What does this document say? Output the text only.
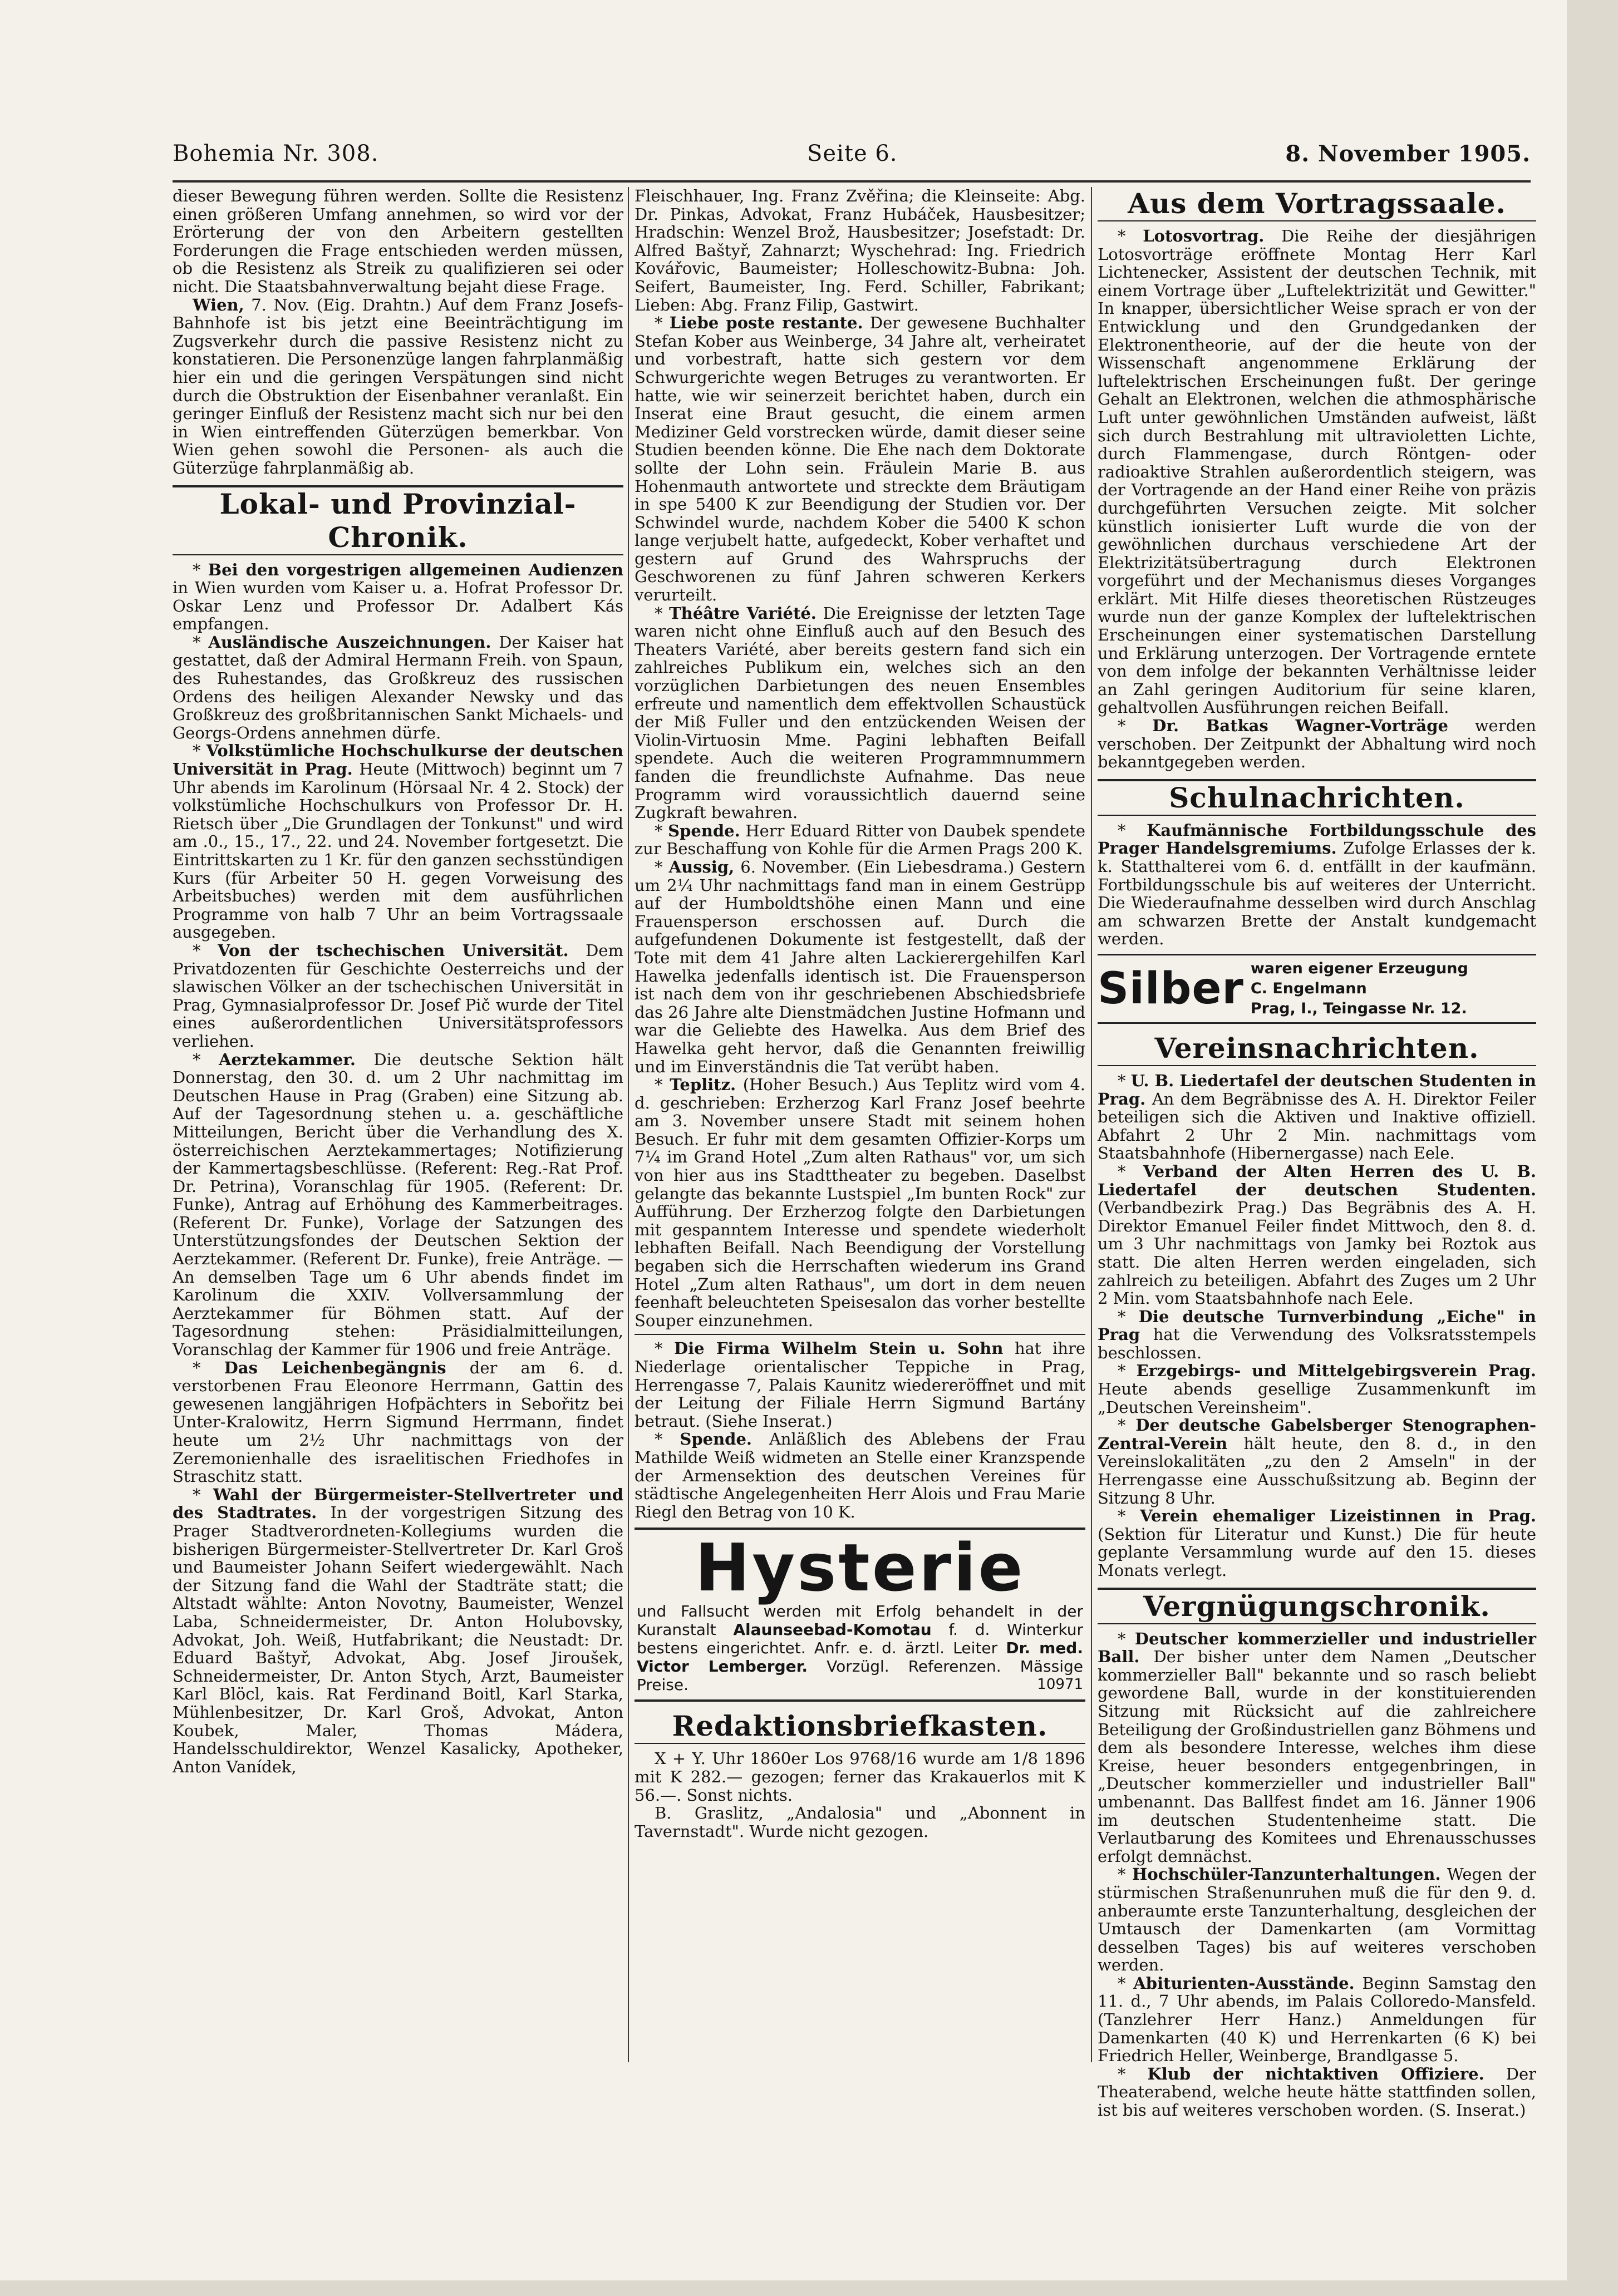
Bohemia Nr. 308.	Seite 6.	8. November 1905.

dieser Bewegung führen werden. Sollte die Resistenz einen größeren Umfang annehmen, so wird vor der Erörterung der von den Arbeitern gestellten Forderungen die Frage entschieden werden müssen, ob die Resistenz als Streik zu qualifizieren sei oder nicht. Die Staatsbahnverwaltung bejaht diese Frage.

Wien, 7. Nov. (Eig. Drahtn.) Auf dem Franz Josefs-Bahnhofe ist bis jetzt eine Beeinträchtigung im Zugsverkehr durch die passive Resistenz nicht zu konstatieren. Die Personenzüge langen fahrplanmäßig hier ein und die geringen Verspätungen sind nicht durch die Obstruktion der Eisenbahner veranlaßt. Ein geringer Einfluß der Resistenz macht sich nur bei den in Wien eintreffenden Güterzügen bemerkbar. Von Wien gehen sowohl die Personen- als auch die Güterzüge fahrplanmäßig ab.

Lokal- und Provinzial-Chronik.

* Bei den vorgestrigen allgemeinen Audienzen in Wien wurden vom Kaiser u. a. Hofrat Professor Dr. Oskar Lenz und Professor Dr. Adalbert Kás empfangen.

* Ausländische Auszeichnungen. Der Kaiser hat gestattet, daß der Admiral Hermann Freih. von Spaun, des Ruhestandes, das Großkreuz des russischen Ordens des heiligen Alexander Newsky und das Großkreuz des großbritannischen Sankt Michaels- und Georgs-Ordens annehmen dürfe.

* Volkstümliche Hochschulkurse der deutschen Universität in Prag. Heute (Mittwoch) beginnt um 7 Uhr abends im Karolinum (Hörsaal Nr. 4 2. Stock) der volkstümliche Hochschulkurs von Professor Dr. H. Rietsch über „Die Grundlagen der Tonkunst" und wird am .0., 15., 17., 22. und 24. November fortgesetzt. Die Eintrittskarten zu 1 Kr. für den ganzen sechsstündigen Kurs (für Arbeiter 50 H. gegen Vorweisung des Arbeitsbuches) werden mit dem ausführlichen Programme von halb 7 Uhr an beim Vortragssaale ausgegeben.

* Von der tschechischen Universität. Dem Privatdozenten für Geschichte Oesterreichs und der slawischen Völker an der tschechischen Universität in Prag, Gymnasialprofessor Dr. Josef Pič wurde der Titel eines außerordentlichen Universitätsprofessors verliehen.

* Aerztekammer. Die deutsche Sektion hält Donnerstag, den 30. d. um 2 Uhr nachmittag im Deutschen Hause in Prag (Graben) eine Sitzung ab. Auf der Tagesordnung stehen u. a. geschäftliche Mitteilungen, Bericht über die Verhandlung des X. österreichischen Aerztekammertages; Notifizierung der Kammertagsbeschlüsse. (Referent: Reg.-Rat Prof. Dr. Petrina), Voranschlag für 1905. (Referent: Dr. Funke), Antrag auf Erhöhung des Kammerbeitrages. (Referent Dr. Funke), Vorlage der Satzungen des Unterstützungsfondes der Deutschen Sektion der Aerztekammer. (Referent Dr. Funke), freie Anträge. — An demselben Tage um 6 Uhr abends findet im Karolinum die XXIV. Vollversammlung der Aerztekammer für Böhmen statt. Auf der Tagesordnung stehen: Präsidialmitteilungen, Voranschlag der Kammer für 1906 und freie Anträge.

* Das Leichenbegängnis der am 6. d. verstorbenen Frau Eleonore Herrmann, Gattin des gewesenen langjährigen Hofpächters in Sebořitz bei Unter-Kralowitz, Herrn Sigmund Herrmann, findet heute um 2½ Uhr nachmittags von der Zeremonienhalle des israelitischen Friedhofes in Straschitz statt.

* Wahl der Bürgermeister-Stellvertreter und des Stadtrates. In der vorgestrigen Sitzung des Prager Stadtverordneten-Kollegiums wurden die bisherigen Bürgermeister-Stellvertreter Dr. Karl Groš und Baumeister Johann Seifert wiedergewählt. Nach der Sitzung fand die Wahl der Stadträte statt; die Altstadt wählte: Anton Novotny, Baumeister, Wenzel Laba, Schneidermeister, Dr. Anton Holubovsky, Advokat, Joh. Weiß, Hutfabrikant; die Neustadt: Dr. Eduard Baštyř, Advokat, Abg. Josef Jiroušek, Schneidermeister, Dr. Anton Stych, Arzt, Baumeister Karl Blöcl, kais. Rat Ferdinand Boitl, Karl Starka, Mühlenbesitzer, Dr. Karl Groš, Advokat, Anton Koubek, Maler, Thomas Mádera, Handelsschuldirektor, Wenzel Kasalicky, Apotheker, Anton Vanídek,

Fleischhauer, Ing. Franz Zvěřina; die Kleinseite: Abg. Dr. Pinkas, Advokat, Franz Hubáček, Hausbesitzer; Hradschin: Wenzel Brož, Hausbesitzer; Josefstadt: Dr. Alfred Baštyř, Zahnarzt; Wyschehrad: Ing. Friedrich Kovářovic, Baumeister; Holleschowitz-Bubna: Joh. Seifert, Baumeister, Ing. Ferd. Schiller, Fabrikant; Lieben: Abg. Franz Filip, Gastwirt.

* Liebe poste restante. Der gewesene Buchhalter Stefan Kober aus Weinberge, 34 Jahre alt, verheiratet und vorbestraft, hatte sich gestern vor dem Schwurgerichte wegen Betruges zu verantworten. Er hatte, wie wir seinerzeit berichtet haben, durch ein Inserat eine Braut gesucht, die einem armen Mediziner Geld vorstrecken würde, damit dieser seine Studien beenden könne. Die Ehe nach dem Doktorate sollte der Lohn sein. Fräulein Marie B. aus Hohenmauth antwortete und streckte dem Bräutigam in spe 5400 K zur Beendigung der Studien vor. Der Schwindel wurde, nachdem Kober die 5400 K schon lange verjubelt hatte, aufgedeckt, Kober verhaftet und gestern auf Grund des Wahrspruchs der Geschworenen zu fünf Jahren schweren Kerkers verurteilt.

* Théâtre Variété. Die Ereignisse der letzten Tage waren nicht ohne Einfluß auch auf den Besuch des Theaters Variété, aber bereits gestern fand sich ein zahlreiches Publikum ein, welches sich an den vorzüglichen Darbietungen des neuen Ensembles erfreute und namentlich dem effektvollen Schaustück der Miß Fuller und den entzückenden Weisen der Violin-Virtuosin Mme. Pagini lebhaften Beifall spendete. Auch die weiteren Programmnummern fanden die freundlichste Aufnahme. Das neue Programm wird voraussichtlich dauernd seine Zugkraft bewahren.

* Spende. Herr Eduard Ritter von Daubek spendete zur Beschaffung von Kohle für die Armen Prags 200 K.

* Aussig, 6. November. (Ein Liebesdrama.) Gestern um 2¼ Uhr nachmittags fand man in einem Gestrüpp auf der Humboldtshöhe einen Mann und eine Frauensperson erschossen auf. Durch die aufgefundenen Dokumente ist festgestellt, daß der Tote mit dem 41 Jahre alten Lackierergehilfen Karl Hawelka jedenfalls identisch ist. Die Frauensperson ist nach dem von ihr geschriebenen Abschiedsbriefe das 26 Jahre alte Dienstmädchen Justine Hofmann und war die Geliebte des Hawelka. Aus dem Brief des Hawelka geht hervor, daß die Genannten freiwillig und im Einverständnis die Tat verübt haben.

* Teplitz. (Hoher Besuch.) Aus Teplitz wird vom 4. d. geschrieben: Erzherzog Karl Franz Josef beehrte am 3. November unsere Stadt mit seinem hohen Besuch. Er fuhr mit dem gesamten Offizier-Korps um 7¼ im Grand Hotel „Zum alten Rathaus" vor, um sich von hier aus ins Stadttheater zu begeben. Daselbst gelangte das bekannte Lustspiel „Im bunten Rock" zur Aufführung. Der Erzherzog folgte den Darbietungen mit gespanntem Interesse und spendete wiederholt lebhaften Beifall. Nach Beendigung der Vorstellung begaben sich die Herrschaften wiederum ins Grand Hotel „Zum alten Rathaus", um dort in dem neuen feenhaft beleuchteten Speisesalon das vorher bestellte Souper einzunehmen.

* Die Firma Wilhelm Stein u. Sohn hat ihre Niederlage orientalischer Teppiche in Prag, Herrengasse 7, Palais Kaunitz wiedereröffnet und mit der Leitung der Filiale Herrn Sigmund Bartány betraut. (Siehe Inserat.)

* Spende. Anläßlich des Ablebens der Frau Mathilde Weiß widmeten an Stelle einer Kranzspende der Armensektion des deutschen Vereines für städtische Angelegenheiten Herr Alois und Frau Marie Riegl den Betrag von 10 K.

Hysterie
und Fallsucht werden mit Erfolg behandelt in der Kuranstalt Alaunseebad-Komotau f. d. Winterkur bestens eingerichtet. Anfr. e. d. ärztl. Leiter Dr. med. Victor Lemberger. Vorzügl. Referenzen. Mässige Preise.	10971
Redaktionsbriefkasten.

X + Y. Uhr 1860er Los 9768/16 wurde am 1/8 1896 mit K 282.— gezogen; ferner das Krakauerlos mit K 56.—. Sonst nichts.

B. Graslitz, „Andalosia" und „Abonnent in Tavernstadt". Wurde nicht gezogen.

Aus dem Vortragssaale.

* Lotosvortrag. Die Reihe der diesjährigen Lotosvorträge eröffnete Montag Herr Karl Lichtenecker, Assistent der deutschen Technik, mit einem Vortrage über „Luftelektrizität und Gewitter." In knapper, übersichtlicher Weise sprach er von der Entwicklung und den Grundgedanken der Elektronentheorie, auf der die heute von der Wissenschaft angenommene Erklärung der luftelektrischen Erscheinungen fußt. Der geringe Gehalt an Elektronen, welchen die athmosphärische Luft unter gewöhnlichen Umständen aufweist, läßt sich durch Bestrahlung mit ultravioletten Lichte, durch Flammengase, durch Röntgen- oder radioaktive Strahlen außerordentlich steigern, was der Vortragende an der Hand einer Reihe von präzis durchgeführten Versuchen zeigte. Mit solcher künstlich ionisierter Luft wurde die von der gewöhnlichen durchaus verschiedene Art der Elektrizitätsübertragung durch Elektronen vorgeführt und der Mechanismus dieses Vorganges erklärt. Mit Hilfe dieses theoretischen Rüstzeuges wurde nun der ganze Komplex der luftelektrischen Erscheinungen einer systematischen Darstellung und Erklärung unterzogen. Der Vortragende erntete von dem infolge der bekannten Verhältnisse leider an Zahl geringen Auditorium für seine klaren, gehaltvollen Ausführungen reichen Beifall.

* Dr. Batkas Wagner-Vorträge werden verschoben. Der Zeitpunkt der Abhaltung wird noch bekanntgegeben werden.

Schulnachrichten.

* Kaufmännische Fortbildungsschule des Prager Handelsgremiums. Zufolge Erlasses der k. k. Statthalterei vom 6. d. entfällt in der kaufmänn. Fortbildungsschule bis auf weiteres der Unterricht. Die Wiederaufnahme desselben wird durch Anschlag am schwarzen Brette der Anstalt kundgemacht werden.

Silber waren eigener Erzeugung
C. Engelmann
Prag, I., Teingasse Nr. 12.
Vereinsnachrichten.

* U. B. Liedertafel der deutschen Studenten in Prag. An dem Begräbnisse des A. H. Direktor Feiler beteiligen sich die Aktiven und Inaktive offiziell. Abfahrt 2 Uhr 2 Min. nachmittags vom Staatsbahnhofe (Hibernergasse) nach Eele.

* Verband der Alten Herren des U. B. Liedertafel der deutschen Studenten. (Verbandbezirk Prag.) Das Begräbnis des A. H. Direktor Emanuel Feiler findet Mittwoch, den 8. d. um 3 Uhr nachmittags von Jamky bei Roztok aus statt. Die alten Herren werden eingeladen, sich zahlreich zu beteiligen. Abfahrt des Zuges um 2 Uhr 2 Min. vom Staatsbahnhofe nach Eele.

* Die deutsche Turnverbindung „Eiche" in Prag hat die Verwendung des Volksratsstempels beschlossen.

* Erzgebirgs- und Mittelgebirgsverein Prag. Heute abends gesellige Zusammenkunft im „Deutschen Vereinsheim".

* Der deutsche Gabelsberger Stenographen-Zentral-Verein hält heute, den 8. d., in den Vereinslokalitäten „zu den 2 Amseln" in der Herrengasse eine Ausschußsitzung ab. Beginn der Sitzung 8 Uhr.

* Verein ehemaliger Lizeistinnen in Prag. (Sektion für Literatur und Kunst.) Die für heute geplante Versammlung wurde auf den 15. dieses Monats verlegt.

Vergnügungschronik.

* Deutscher kommerzieller und industrieller Ball. Der bisher unter dem Namen „Deutscher kommerzieller Ball" bekannte und so rasch beliebt gewordene Ball, wurde in der konstituierenden Sitzung mit Rücksicht auf die zahlreichere Beteiligung der Großindustriellen ganz Böhmens und dem als besondere Interesse, welches ihm diese Kreise, heuer besonders entgegenbringen, in „Deutscher kommerzieller und industrieller Ball" umbenannt. Das Ballfest findet am 16. Jänner 1906 im deutschen Studentenheime statt. Die Verlautbarung des Komitees und Ehrenausschusses erfolgt demnächst.

* Hochschüler-Tanzunterhaltungen. Wegen der stürmischen Straßenunruhen muß die für den 9. d. anberaumte erste Tanzunterhaltung, desgleichen der Umtausch der Damenkarten (am Vormittag desselben Tages) bis auf weiteres verschoben werden.

* Abiturienten-Ausstände. Beginn Samstag den 11. d., 7 Uhr abends, im Palais Colloredo-Mansfeld. (Tanzlehrer Herr Hanz.) Anmeldungen für Damenkarten (40 K) und Herrenkarten (6 K) bei Friedrich Heller, Weinberge, Brandlgasse 5.

* Klub der nichtaktiven Offiziere. Der Theaterabend, welche heute hätte stattfinden sollen, ist bis auf weiteres verschoben worden. (S. Inserat.)
